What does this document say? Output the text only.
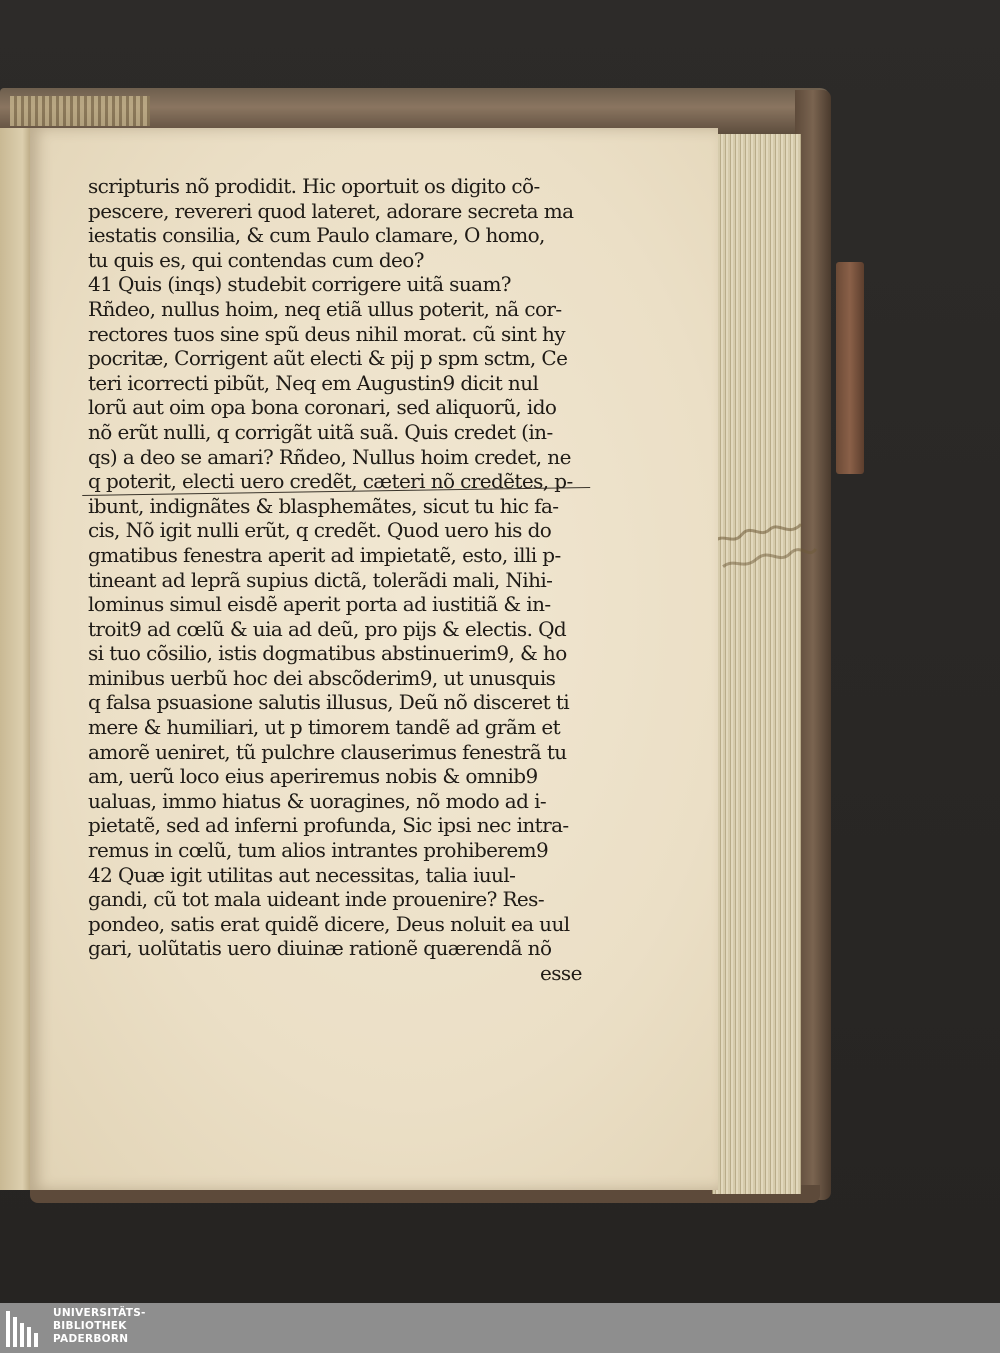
scripturis nõ prodidit. Hic oportuit os digito cõ-
pescere, revereri quod lateret, adorare secreta ma
iestatis consilia, & cum Paulo clamare, O homo,
tu quis es, qui contendas cum deo?
41 Quis (inqs) studebit corrigere uitã suam?
Rñdeo, nullus hoim, neq etiã ullus poterit, nã cor-
rectores tuos sine spũ deus nihil morat. cũ sint hy
pocritæ, Corrigent aũt electi & pij p spm sctm, Ce
teri icorrecti pibũt, Neq em Augustin9 dicit nul
lorũ aut oim opa bona coronari, sed aliquorũ, ido
nõ erũt nulli, q corrigãt uitã suã. Quis credet (in-
qs) a deo se amari? Rñdeo, Nullus hoim credet, ne
q poterit, electi uero credẽt, cæteri nõ credẽtes, p-
ibunt, indignãtes & blasphemãtes, sicut tu hic fa-
cis, Nõ igit nulli erũt, q credẽt. Quod uero his do
gmatibus fenestra aperit ad impietatẽ, esto, illi p-
tineant ad leprã supius dictã, tolerãdi mali, Nihi-
lominus simul eisdẽ aperit porta ad iustitiã & in-
troit9 ad cœlũ & uia ad deũ, pro pijs & electis. Qd
si tuo cõsilio, istis dogmatibus abstinuerim9, & ho
minibus uerbũ hoc dei abscõderim9, ut unusquis
q falsa psuasione salutis illusus, Deũ nõ disceret ti
mere & humiliari, ut p timorem tandẽ ad grãm et
amorẽ ueniret, tũ pulchre clauserimus fenestrã tu
am, uerũ loco eius aperiremus nobis & omnib9
ualuas, immo hiatus & uoragines, nõ modo ad i-
pietatẽ, sed ad inferni profunda, Sic ipsi nec intra-
remus in cœlũ, tum alios intrantes prohiberem9
42 Quæ igit utilitas aut necessitas, talia iuul-
gandi, cũ tot mala uideant inde prouenire? Res-
pondeo, satis erat quidẽ dicere, Deus noluit ea uul
gari, uolũtatis uero diuinæ rationẽ quærendã nõ
esse
UNIVERSITÄTS-
BIBLIOTHEK
PADERBORN
